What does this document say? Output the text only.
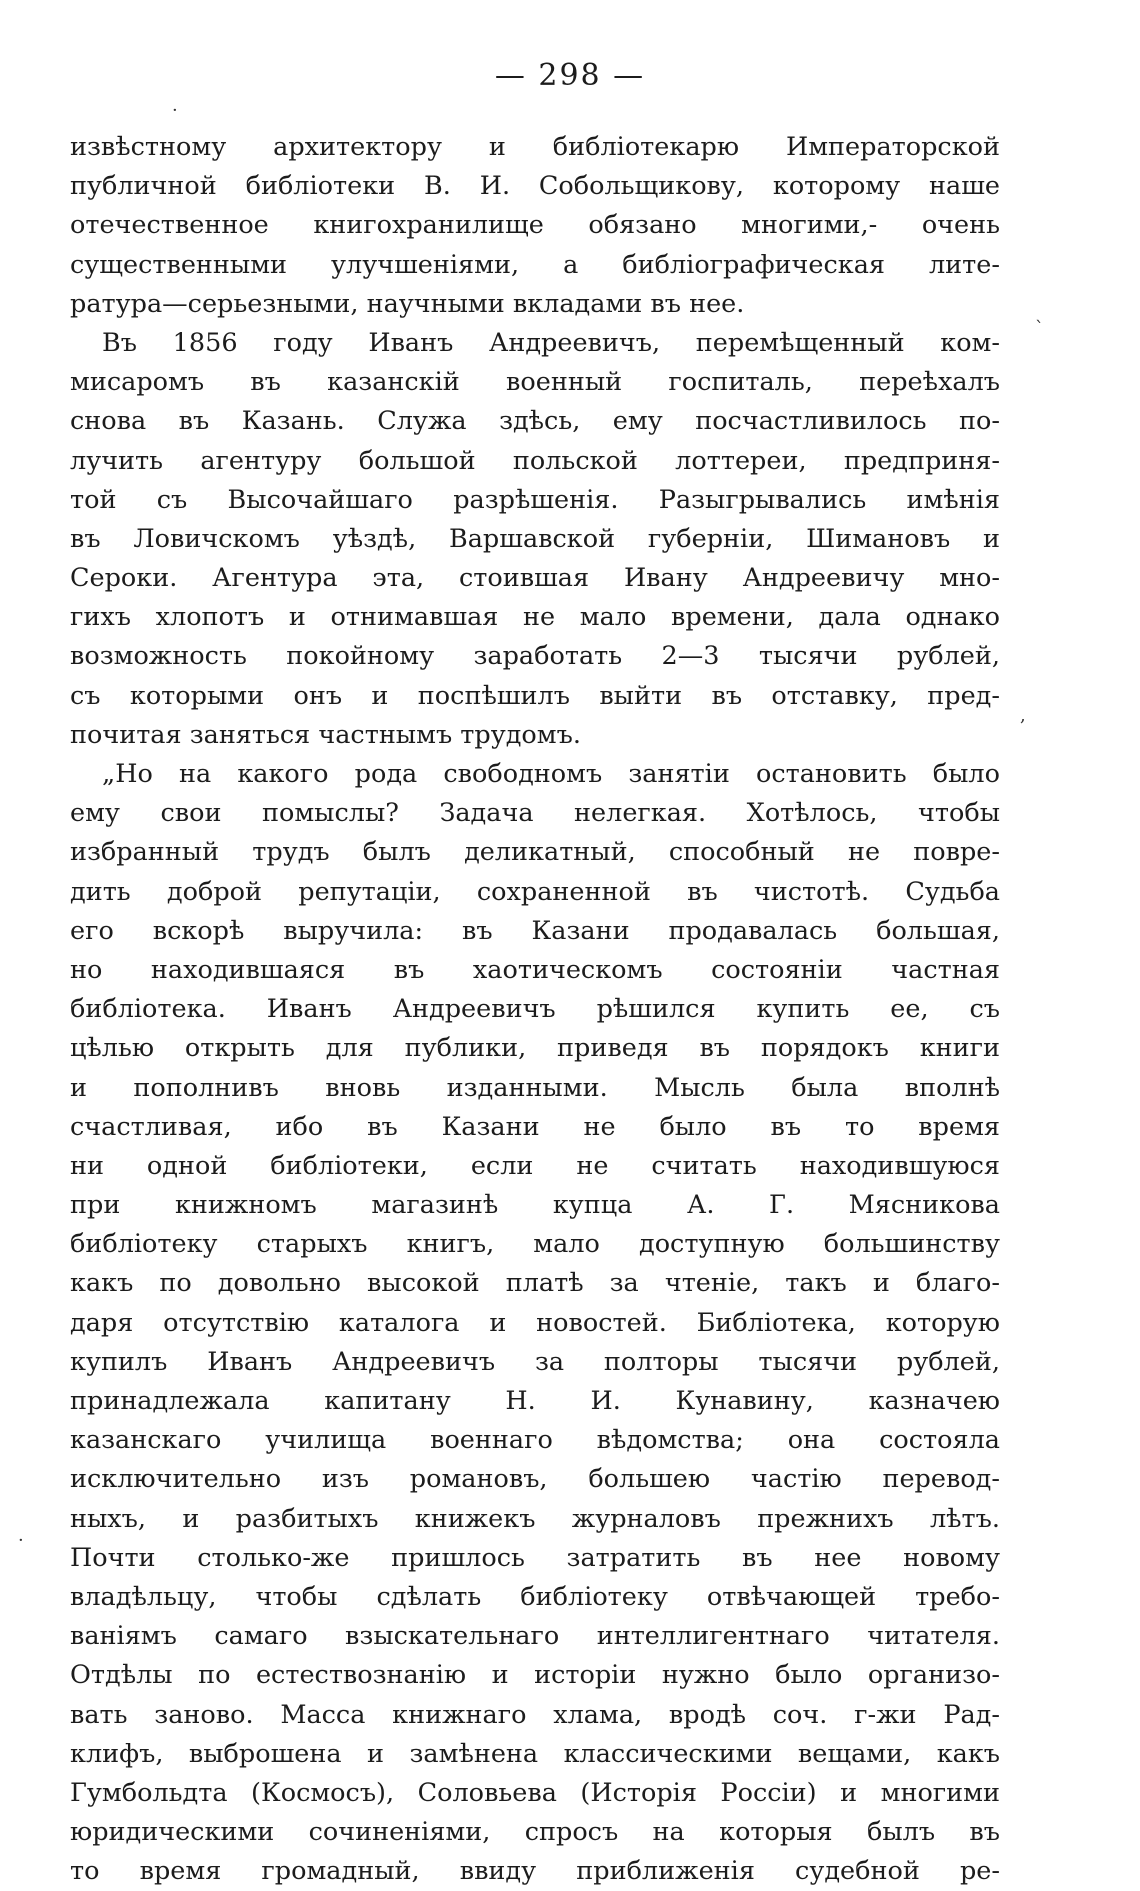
— 298 —
извѣстному архитектору и библіотекарю Императорской
публичной библіотеки В. И. Собольщикову, которому наше
отечественное книгохранилище обязано многими,- очень
существенными улучшеніями, а библіографическая лите-
ратура—серьезными, научными вкладами въ нее.
Въ 1856 году Иванъ Андреевичъ, перемѣщенный ком-
мисаромъ въ казанскій военный госпиталь, переѣхалъ
снова въ Казань. Служа здѣсь, ему посчастливилось по-
лучить агентуру большой польской лоттереи, предприня-
той съ Высочайшаго разрѣшенія. Разыгрывались имѣнія
въ Ловичскомъ уѣздѣ, Варшавской губерніи, Шимановъ и
Сероки. Агентура эта, стоившая Ивану Андреевичу мно-
гихъ хлопотъ и отнимавшая не мало времени, дала однако
возможность покойному заработать 2—3 тысячи рублей,
съ которыми онъ и поспѣшилъ выйти въ отставку, пред-
почитая заняться частнымъ трудомъ.
„Но на какого рода свободномъ занятіи остановить было
ему свои помыслы? Задача нелегкая. Хотѣлось, чтобы
избранный трудъ былъ деликатный, способный не повре-
дить доброй репутаціи, сохраненной въ чистотѣ. Судьба
его вскорѣ выручила: въ Казани продавалась большая,
но находившаяся въ хаотическомъ состояніи частная
библіотека. Иванъ Андреевичъ рѣшился купить ее, съ
цѣлью открыть для публики, приведя въ порядокъ книги
и пополнивъ вновь изданными. Мысль была вполнѣ
счастливая, ибо въ Казани не было въ то время
ни одной библіотеки, если не считать находившуюся
при книжномъ магазинѣ купца А. Г. Мясникова
библіотеку старыхъ книгъ, мало доступную большинству
какъ по довольно высокой платѣ за чтеніе, такъ и благо-
даря отсутствію каталога и новостей. Библіотека, которую
купилъ Иванъ Андреевичъ за полторы тысячи рублей,
принадлежала капитану Н. И. Кунавину, казначею
казанскаго училища военнаго вѣдомства; она состояла
исключительно изъ романовъ, большею частію перевод-
ныхъ, и разбитыхъ книжекъ журналовъ прежнихъ лѣтъ.
Почти столько-же пришлось затратить въ нее новому
владѣльцу, чтобы сдѣлать библіотеку отвѣчающей требо-
ваніямъ самаго взыскательнаго интеллигентнаго читателя.
Отдѣлы по естествознанію и исторіи нужно было организо-
вать заново. Масса книжнаго хлама, вродѣ соч. г-жи Рад-
клифъ, выброшена и замѣнена классическими вещами, какъ
Гумбольдта (Космосъ), Соловьева (Исторія Россіи) и многими
юридическими сочиненіями, спросъ на которыя былъ въ
то время громадный, ввиду приближенія судебной ре-
·
`
,
·
